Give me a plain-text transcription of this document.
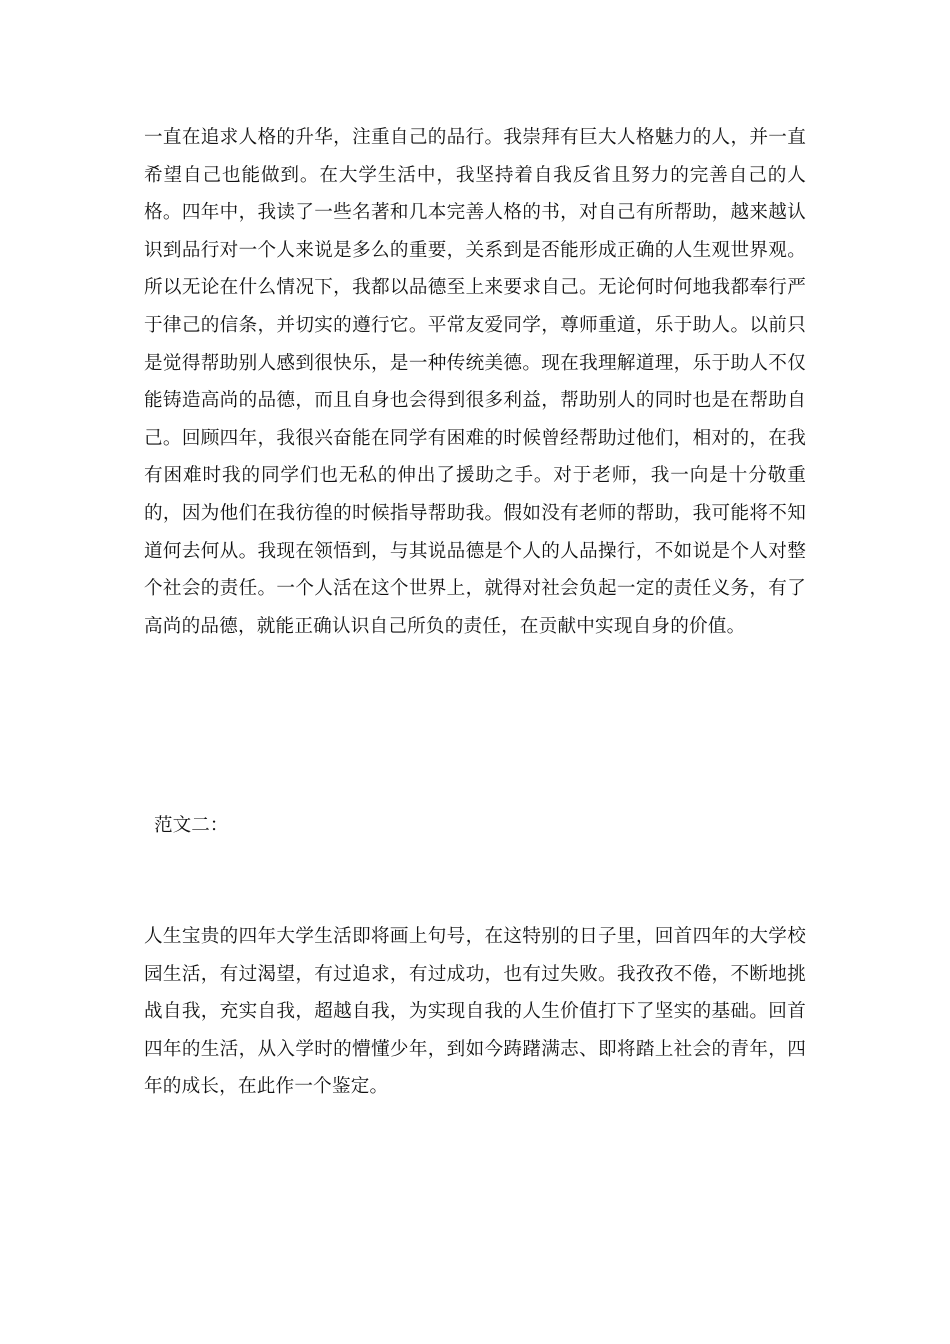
一直在追求人格的升华，注重自己的品行。我崇拜有巨大人格魅力的人，并一直希望自己也能做到。在大学生活中，我坚持着自我反省且努力的完善自己的人格。四年中，我读了一些名著和几本完善人格的书，对自己有所帮助，越来越认识到品行对一个人来说是多么的重要，关系到是否能形成正确的人生观世界观。所以无论在什么情况下，我都以品德至上来要求自己。无论何时何地我都奉行严于律己的信条，并切实的遵行它。平常友爱同学，尊师重道，乐于助人。以前只是觉得帮助别人感到很快乐，是一种传统美德。现在我理解道理，乐于助人不仅能铸造高尚的品德，而且自身也会得到很多利益，帮助别人的同时也是在帮助自己。回顾四年，我很兴奋能在同学有困难的时候曾经帮助过他们，相对的，在我有困难时我的同学们也无私的伸出了援助之手。对于老师，我一向是十分敬重的，因为他们在我彷徨的时候指导帮助我。假如没有老师的帮助，我可能将不知道何去何从。我现在领悟到，与其说品德是个人的人品操行，不如说是个人对整个社会的责任。一个人活在这个世界上，就得对社会负起一定的责任义务，有了高尚的品德，就能正确认识自己所负的责任，在贡献中实现自身的价值。

范文二：

人生宝贵的四年大学生活即将画上句号，在这特别的日子里，回首四年的大学校园生活，有过渴望，有过追求，有过成功，也有过失败。我孜孜不倦，不断地挑战自我，充实自我，超越自我，为实现自我的人生价值打下了坚实的基础。回首四年的生活，从入学时的懵懂少年，到如今踌躇满志、即将踏上社会的青年，四年的成长，在此作一个鉴定。
